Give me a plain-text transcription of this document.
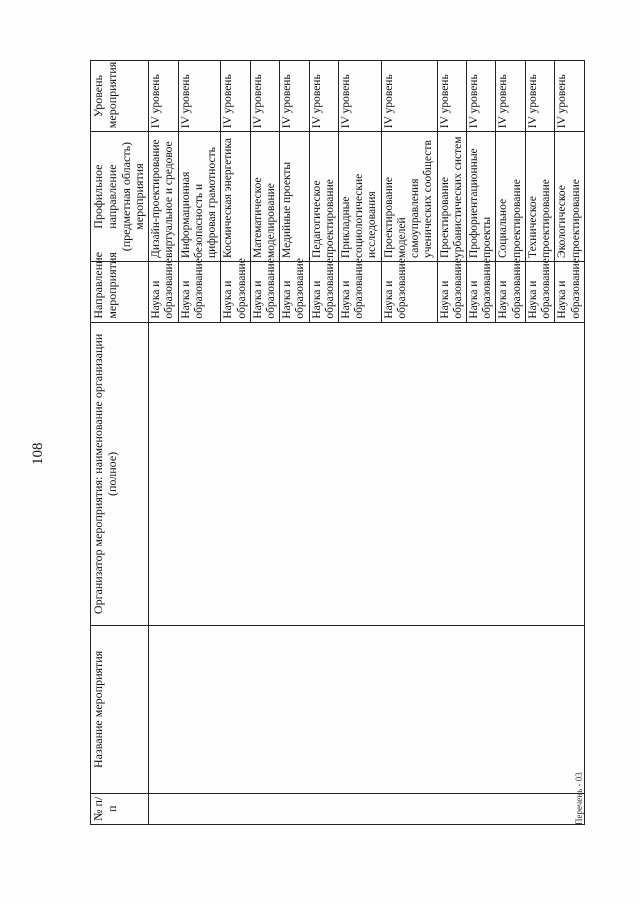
108
№ п/п	Название мероприятия	Организатор мероприятия: наименование организации (полное)	Направление мероприятия	Профильное направление (предметная область) мероприятия	Уровень мероприятия
			Наука и образование	Дизайн-проектирование виртуальное и средовое	IV уровень
			Наука и образование	Информационная безопасность и цифровая грамотность	IV уровень
			Наука и образование	Космическая энергетика	IV уровень
			Наука и образование	Математическое моделирование	IV уровень
			Наука и образование	Медийные проекты	IV уровень
			Наука и образование	Педагогическое проектирование	IV уровень
			Наука и образование	Прикладные социологические исследования	IV уровень
			Наука и образование	Проектирование моделей самоуправления ученических сообществ	IV уровень
			Наука и образование	Проектирование урбанистических систем	IV уровень
			Наука и образование	Профориентационные проекты	IV уровень
			Наука и образование	Социальное проектирование	IV уровень
			Наука и образование	Техническое проектирование	IV уровень
			Наука и образование	Экологическое проектирование	IV уровень
Перечень - 03
